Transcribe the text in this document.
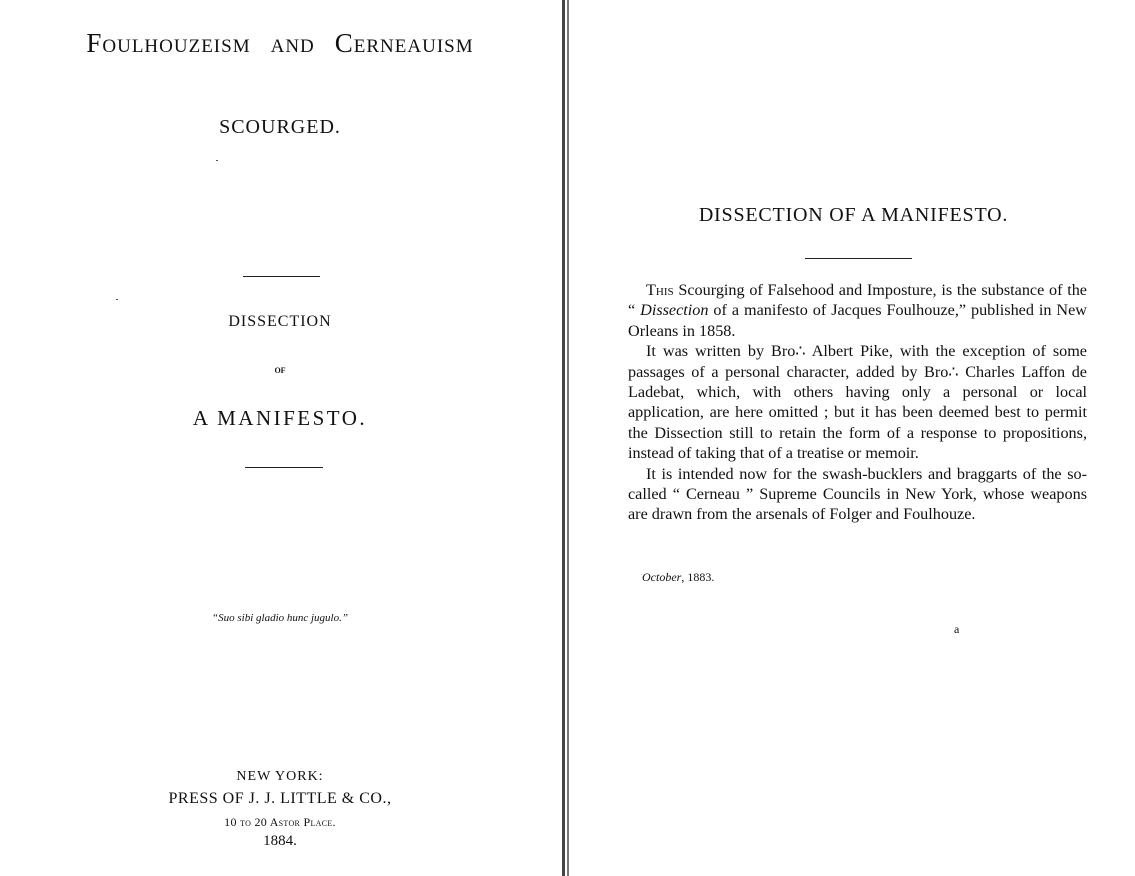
Foulhouzeism and Cerneauism
SCOURGED.
DISSECTION
OF
A MANIFESTO.
“Suo sibi gladio hunc jugulo.”
NEW YORK:
PRESS OF J. J. LITTLE & CO.,
10 to 20 Astor Place.
1884.
DISSECTION OF A MANIFESTO.

This Scourging of Falsehood and Imposture, is the substance of the “ Dissection of a manifesto of Jacques Foulhouze,” published in New Orleans in 1858.

It was written by Bro∴ Albert Pike, with the exception of some passages of a personal character, added by Bro∴ Charles Laffon de Ladebat, which, with others having only a personal or local application, are here omitted ; but it has been deemed best to permit the Dissection still to retain the form of a response to propositions, instead of taking that of a treatise or memoir.

It is intended now for the swash-bucklers and braggarts of the so-called “ Cerneau ” Supreme Councils in New York, whose weapons are drawn from the arsenals of Folger and Foulhouze.

October, 1883.
a
